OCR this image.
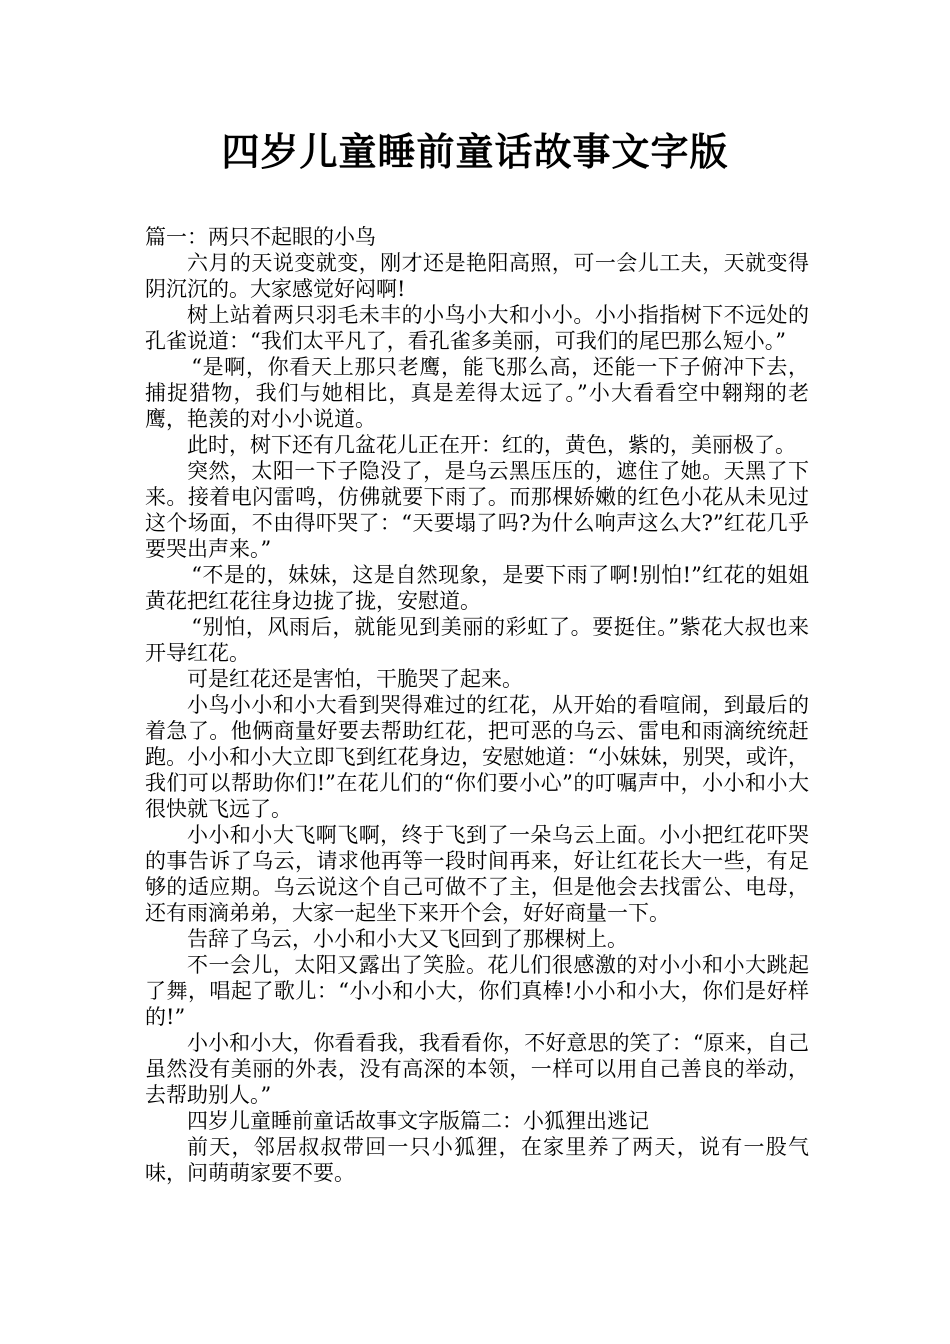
四岁儿童睡前童话故事文字版

篇一：两只不起眼的小鸟

六月的天说变就变，刚才还是艳阳高照，可一会儿工夫，天就变得阴沉沉的。大家感觉好闷啊!

树上站着两只羽毛未丰的小鸟小大和小小。小小指指树下不远处的孔雀说道：“我们太平凡了，看孔雀多美丽，可我们的尾巴那么短小。”

“是啊，你看天上那只老鹰，能飞那么高，还能一下子俯冲下去，捕捉猎物，我们与她相比，真是差得太远了。”小大看看空中翱翔的老鹰，艳羡的对小小说道。

此时，树下还有几盆花儿正在开：红的，黄色，紫的，美丽极了。

突然，太阳一下子隐没了，是乌云黑压压的，遮住了她。天黑了下来。接着电闪雷鸣，仿佛就要下雨了。而那棵娇嫩的红色小花从未见过这个场面，不由得吓哭了：“天要塌了吗?为什么响声这么大?”红花几乎要哭出声来。”

“不是的，妹妹，这是自然现象，是要下雨了啊!别怕!”红花的姐姐黄花把红花往身边拢了拢，安慰道。

“别怕，风雨后，就能见到美丽的彩虹了。要挺住。”紫花大叔也来开导红花。

可是红花还是害怕，干脆哭了起来。

小鸟小小和小大看到哭得难过的红花，从开始的看喧闹，到最后的着急了。他俩商量好要去帮助红花，把可恶的乌云、雷电和雨滴统统赶跑。小小和小大立即飞到红花身边，安慰她道：“小妹妹，别哭，或许，我们可以帮助你们!”在花儿们的“你们要小心”的叮嘱声中，小小和小大很快就飞远了。

小小和小大飞啊飞啊，终于飞到了一朵乌云上面。小小把红花吓哭的事告诉了乌云，请求他再等一段时间再来，好让红花长大一些，有足够的适应期。乌云说这个自己可做不了主，但是他会去找雷公、电母，还有雨滴弟弟，大家一起坐下来开个会，好好商量一下。

告辞了乌云，小小和小大又飞回到了那棵树上。

不一会儿，太阳又露出了笑脸。花儿们很感激的对小小和小大跳起了舞，唱起了歌儿：“小小和小大，你们真棒!小小和小大，你们是好样的!”

小小和小大，你看看我，我看看你，不好意思的笑了：“原来，自己虽然没有美丽的外表，没有高深的本领，一样可以用自己善良的举动，去帮助别人。”

四岁儿童睡前童话故事文字版篇二：小狐狸出逃记

前天，邻居叔叔带回一只小狐狸，在家里养了两天，说有一股气味，问萌萌家要不要。
